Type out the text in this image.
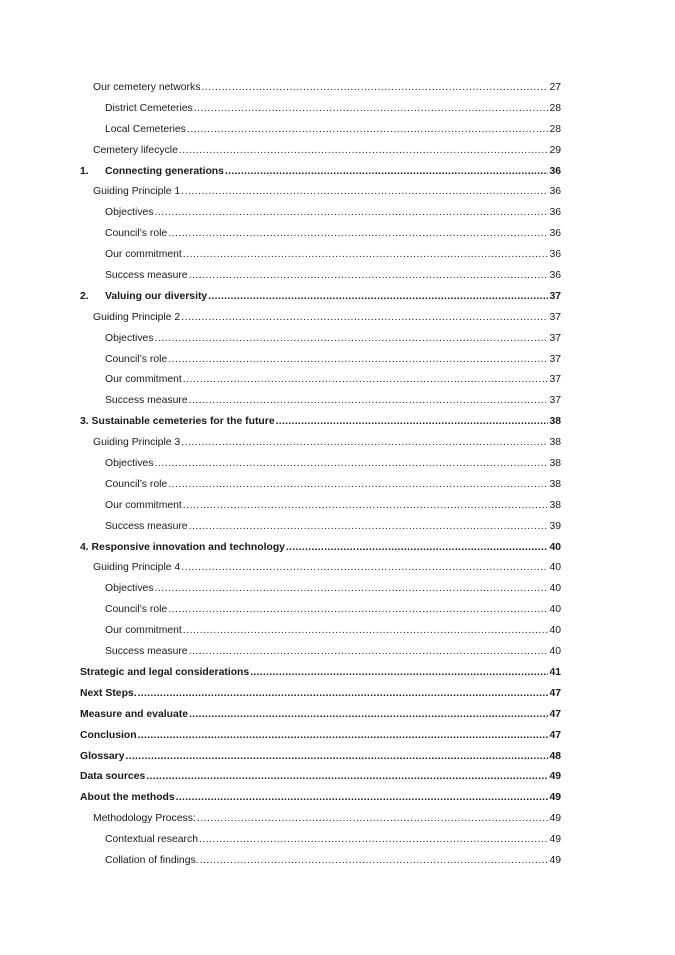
Our cemetery networks .....	27
District Cemeteries .....	28
Local Cemeteries .....	28
Cemetery lifecycle .....	29
1.	Connecting generations .....	36
Guiding Principle 1 .....	36
Objectives .....	36
Council’s role .....	36
Our commitment .....	36
Success measure .....	36
2.	Valuing our diversity .....	37
Guiding Principle 2 .....	37
Objectives .....	37
Council’s role .....	37
Our commitment .....	37
Success measure .....	37
3. Sustainable cemeteries for the future .....	38
Guiding Principle 3 .....	38
Objectives .....	38
Council’s role .....	38
Our commitment .....	38
Success measure .....	39
4. Responsive innovation and technology .....	40
Guiding Principle 4 .....	40
Objectives .....	40
Council’s role .....	40
Our commitment .....	40
Success measure .....	40
Strategic and legal considerations .....	41
Next Steps. .....	47
Measure and evaluate .....	47
Conclusion .....	47
Glossary .....	48
Data sources .....	49
About the methods .....	49
Methodology Process: .....	49
Contextual research .....	49
Collation of findings. .....	49
